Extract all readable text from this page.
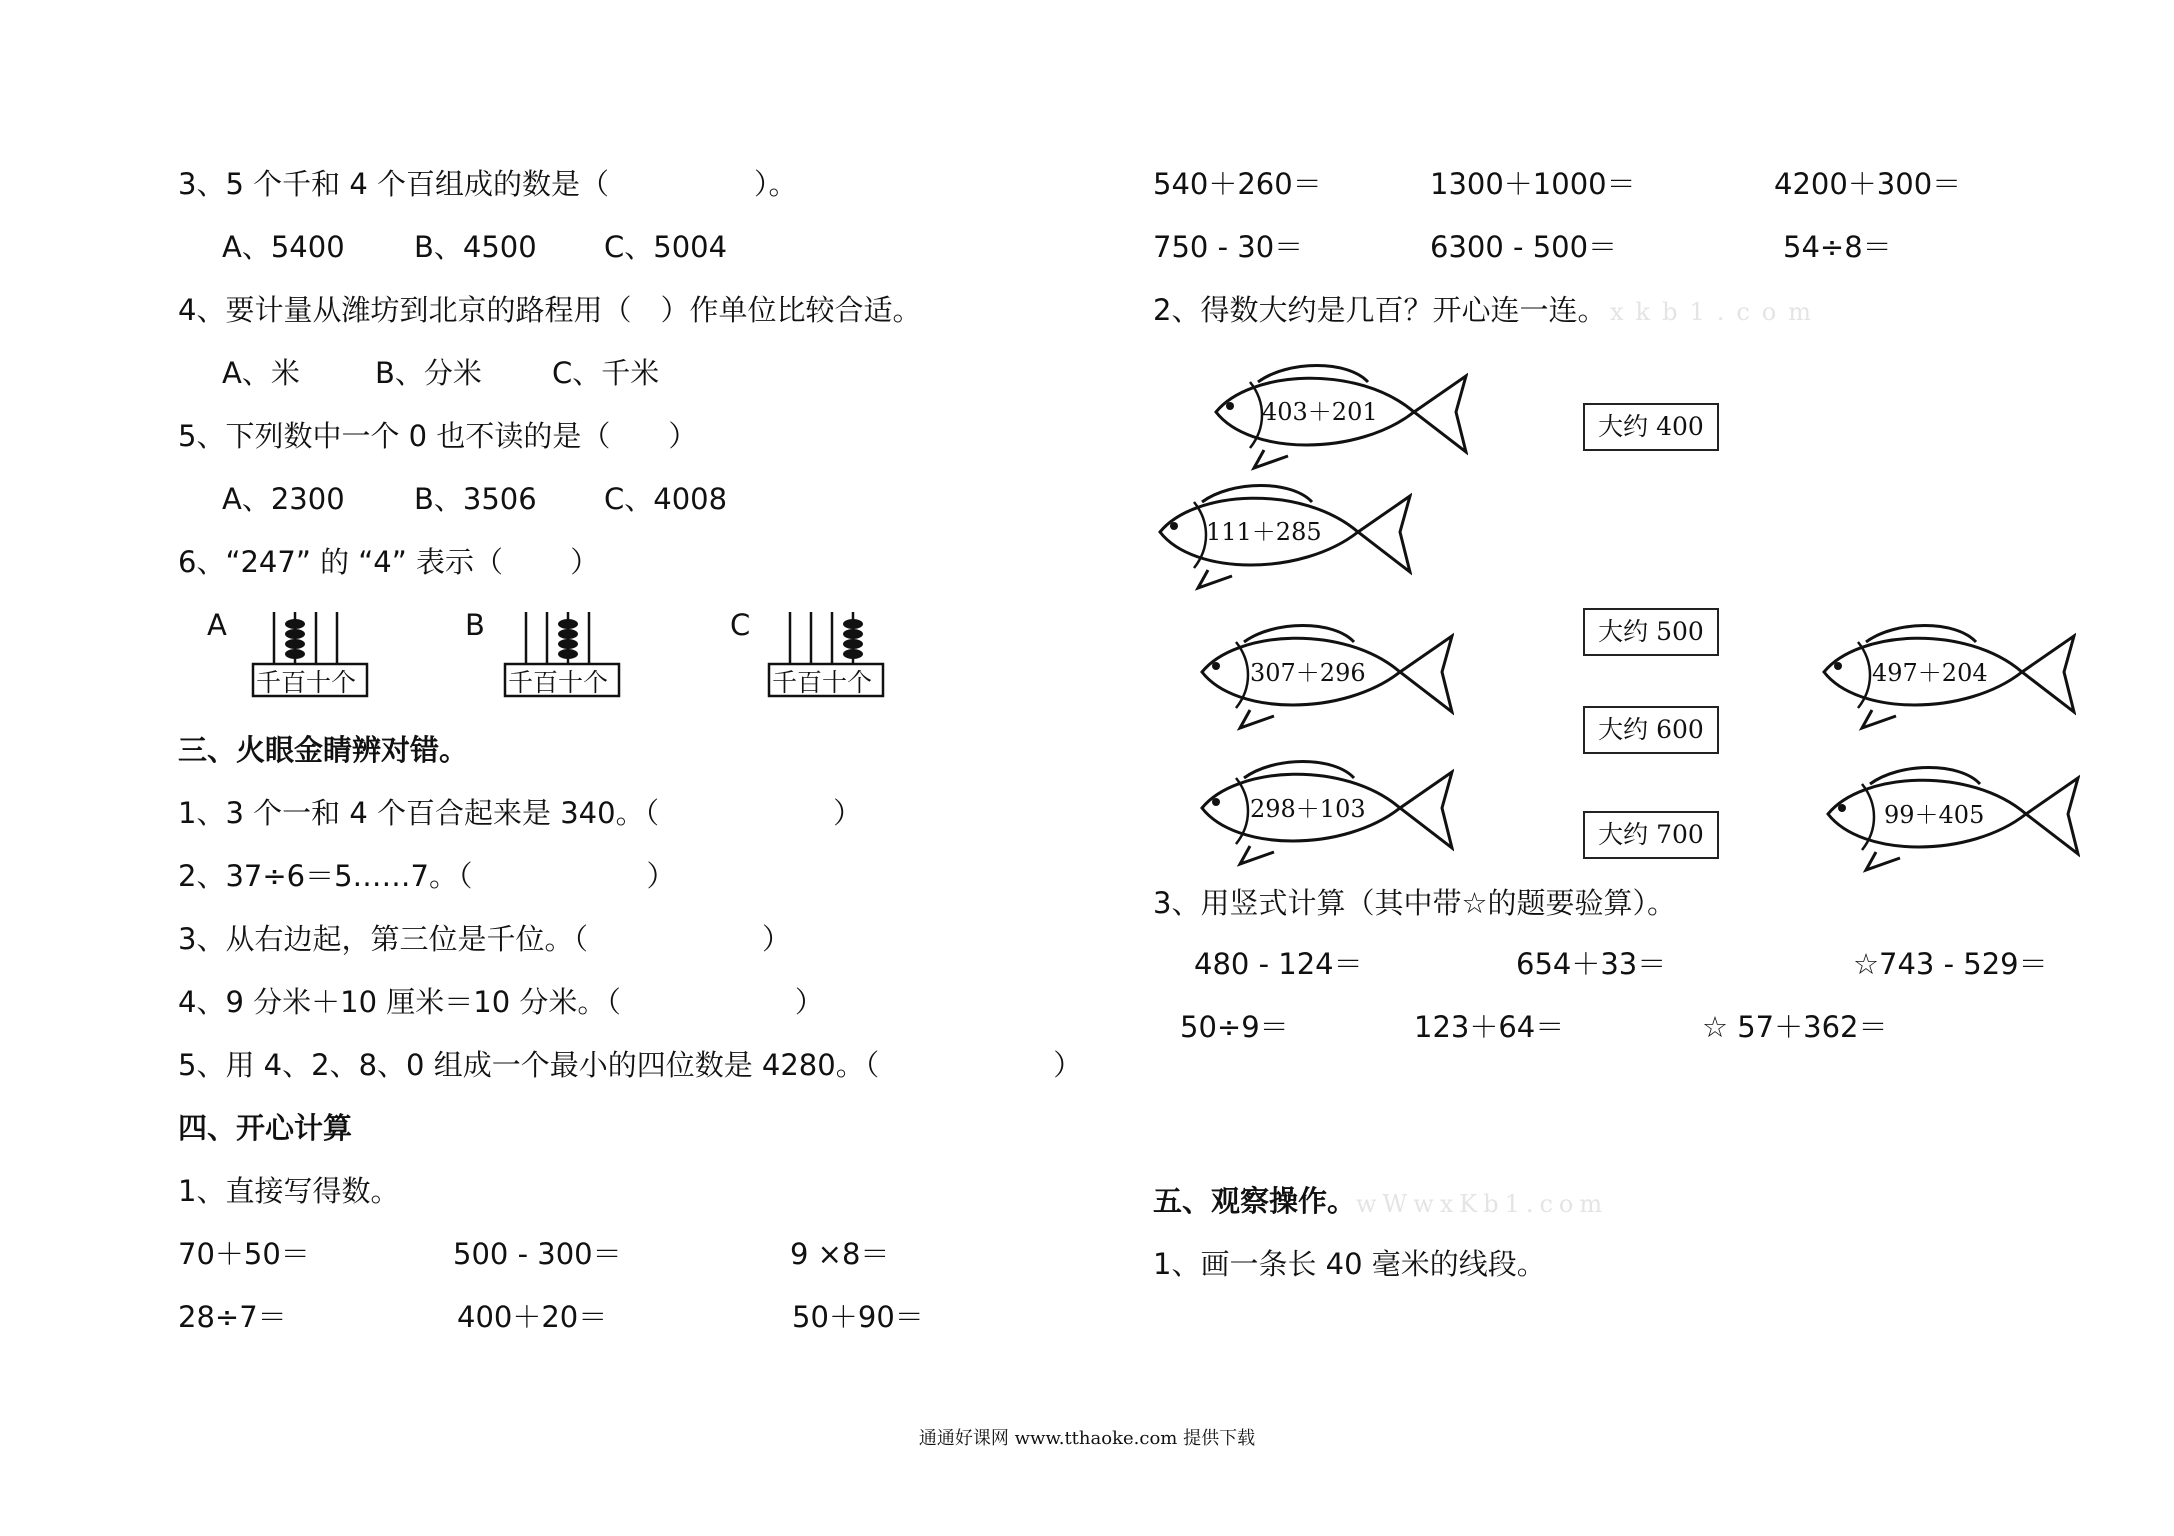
3、5 个千和 4 个百组成的数是（　　　　　）。
A、5400 B、4500 C、5004
4、要计量从潍坊到北京的路程用（　）作单位比较合适。
A、米	B、分米 C、千米
5、下列数中一个 0 也不读的是（　　）
A、2300 B、3506 C、4008
6、“247” 的 “4” 表示（　　 ）
A
千百十个
B
千百十个
C
千百十个
三、火眼金睛辨对错。
1、3 个一和 4 个百合起来是 340。（　　　　　　）
2、37÷6＝5……7。（　　　　　　）
3、从右边起，第三位是千位。（　　　　　　）
4、9 分米＋10 厘米＝10 分米。（　　　　　　）
5、用 4、2、8、0 组成一个最小的四位数是 4280。（　　　　　　）
四、开心计算
1、直接写得数。
70＋50＝	500 - 300＝	9 ×8＝
28÷7＝	400＋20＝	50＋90＝
540＋260＝	1300＋1000＝	4200＋300＝
750 - 30＝	6300 - 500＝	54÷8＝
2、得数大约是几百？开心连一连。 xkb1.com
403＋201
111＋285
307＋296
298＋103
497＋204
99＋405
大约 400
大约 500
大约 600
大约 700
3、用竖式计算（其中带☆的题要验算）。
480 - 124＝	654＋33＝	☆743 - 529＝
50÷9＝	123＋64＝	☆ 57＋362＝
五、观察操作。 wWwxKb1.com
1、画一条长 40 毫米的线段。
通通好课网 www.tthaoke.com 提供下载
